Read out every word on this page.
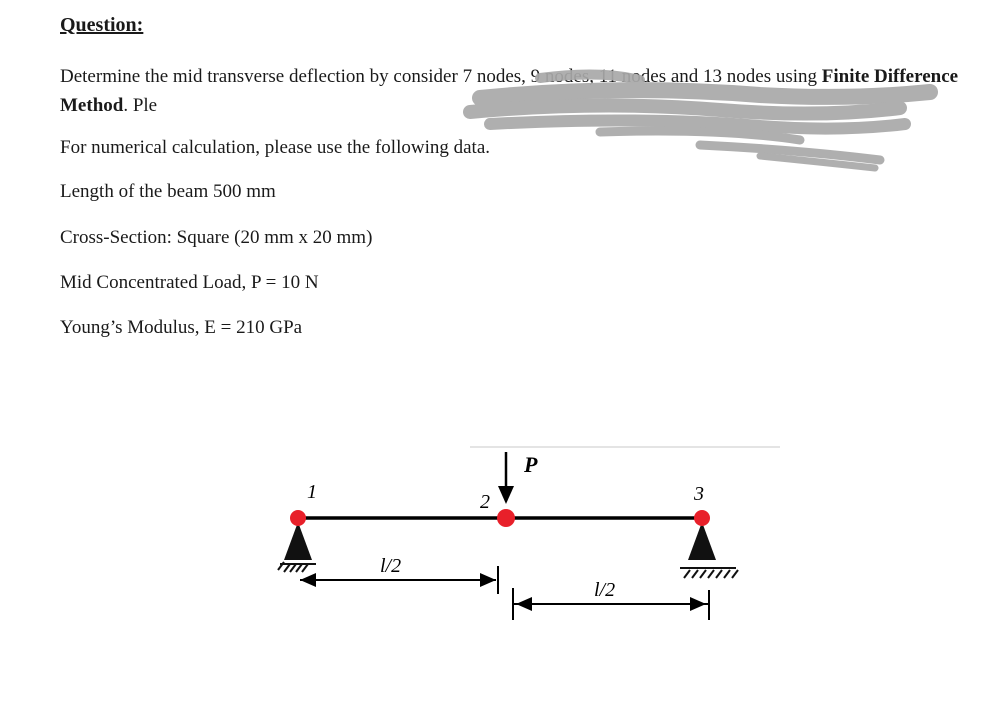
Question:
Determine the mid transverse deflection by consider 7 nodes, 9 nodes, 11 nodes and 13 nodes using Finite Difference Method. Ple
For numerical calculation, please use the following data.
Length of the beam 500 mm
Cross-Section: Square (20 mm x 20 mm)
Mid Concentrated Load, P = 10 N
Young’s Modulus, E = 210 GPa
1	2	3
P
l/2
l/2
